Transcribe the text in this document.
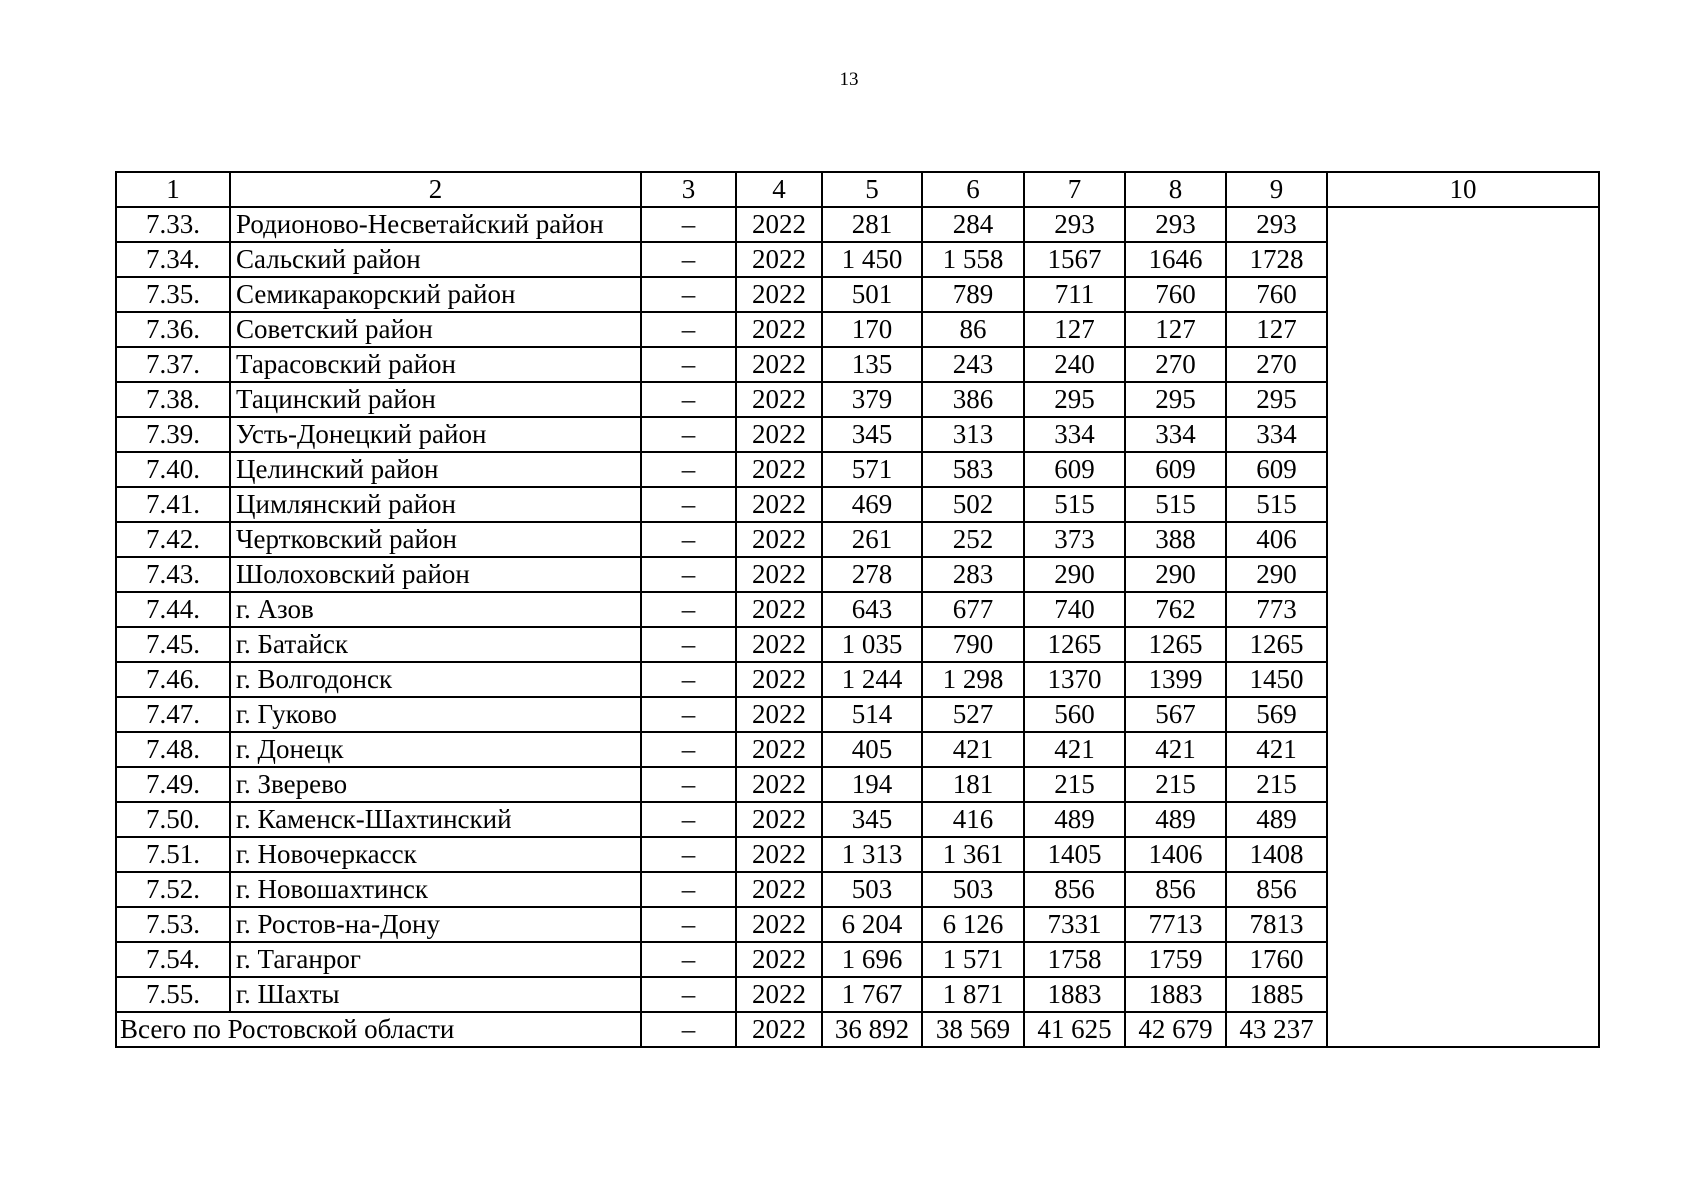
13
1	2	3	4	5	6	7	8	9	10
7.33.	Родионово-Несветайский район	–	2022	281	284	293	293	293	
7.34.	Сальский район	–	2022	1 450	1 558	1567	1646	1728	
7.35.	Семикаракорский район	–	2022	501	789	711	760	760	
7.36.	Советский район	–	2022	170	86	127	127	127	
7.37.	Тарасовский район	–	2022	135	243	240	270	270	
7.38.	Тацинский район	–	2022	379	386	295	295	295	
7.39.	Усть-Донецкий район	–	2022	345	313	334	334	334	
7.40.	Целинский район	–	2022	571	583	609	609	609	
7.41.	Цимлянский район	–	2022	469	502	515	515	515	
7.42.	Чертковский район	–	2022	261	252	373	388	406	
7.43.	Шолоховский район	–	2022	278	283	290	290	290	
7.44.	г. Азов	–	2022	643	677	740	762	773	
7.45.	г. Батайск	–	2022	1 035	790	1265	1265	1265	
7.46.	г. Волгодонск	–	2022	1 244	1 298	1370	1399	1450	
7.47.	г. Гуково	–	2022	514	527	560	567	569	
7.48.	г. Донецк	–	2022	405	421	421	421	421	
7.49.	г. Зверево	–	2022	194	181	215	215	215	
7.50.	г. Каменск-Шахтинский	–	2022	345	416	489	489	489	
7.51.	г. Новочеркасск	–	2022	1 313	1 361	1405	1406	1408	
7.52.	г. Новошахтинск	–	2022	503	503	856	856	856	
7.53.	г. Ростов-на-Дону	–	2022	6 204	6 126	7331	7713	7813	
7.54.	г. Таганрог	–	2022	1 696	1 571	1758	1759	1760	
7.55.	г. Шахты	–	2022	1 767	1 871	1883	1883	1885	
Всего по Ростовской области		–	2022	36 892	38 569	41 625	42 679	43 237	
